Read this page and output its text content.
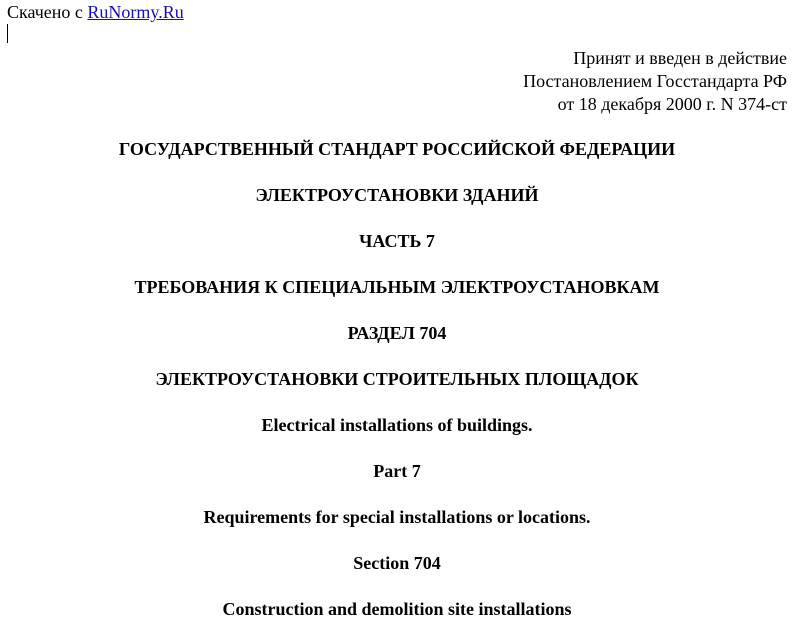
Скачено с RuNormy.Ru
Принят и введен в действие
Постановлением Госстандарта РФ
от 18 декабря 2000 г. N 374-ст
ГОСУДАРСТВЕННЫЙ СТАНДАРТ РОССИЙСКОЙ ФЕДЕРАЦИИ
ЭЛЕКТРОУСТАНОВКИ ЗДАНИЙ
ЧАСТЬ 7
ТРЕБОВАНИЯ К СПЕЦИАЛЬНЫМ ЭЛЕКТРОУСТАНОВКАМ
РАЗДЕЛ 704
ЭЛЕКТРОУСТАНОВКИ СТРОИТЕЛЬНЫХ ПЛОЩАДОК
Electrical installations of buildings.
Part 7
Requirements for special installations or locations.
Section 704
Construction and demolition site installations
